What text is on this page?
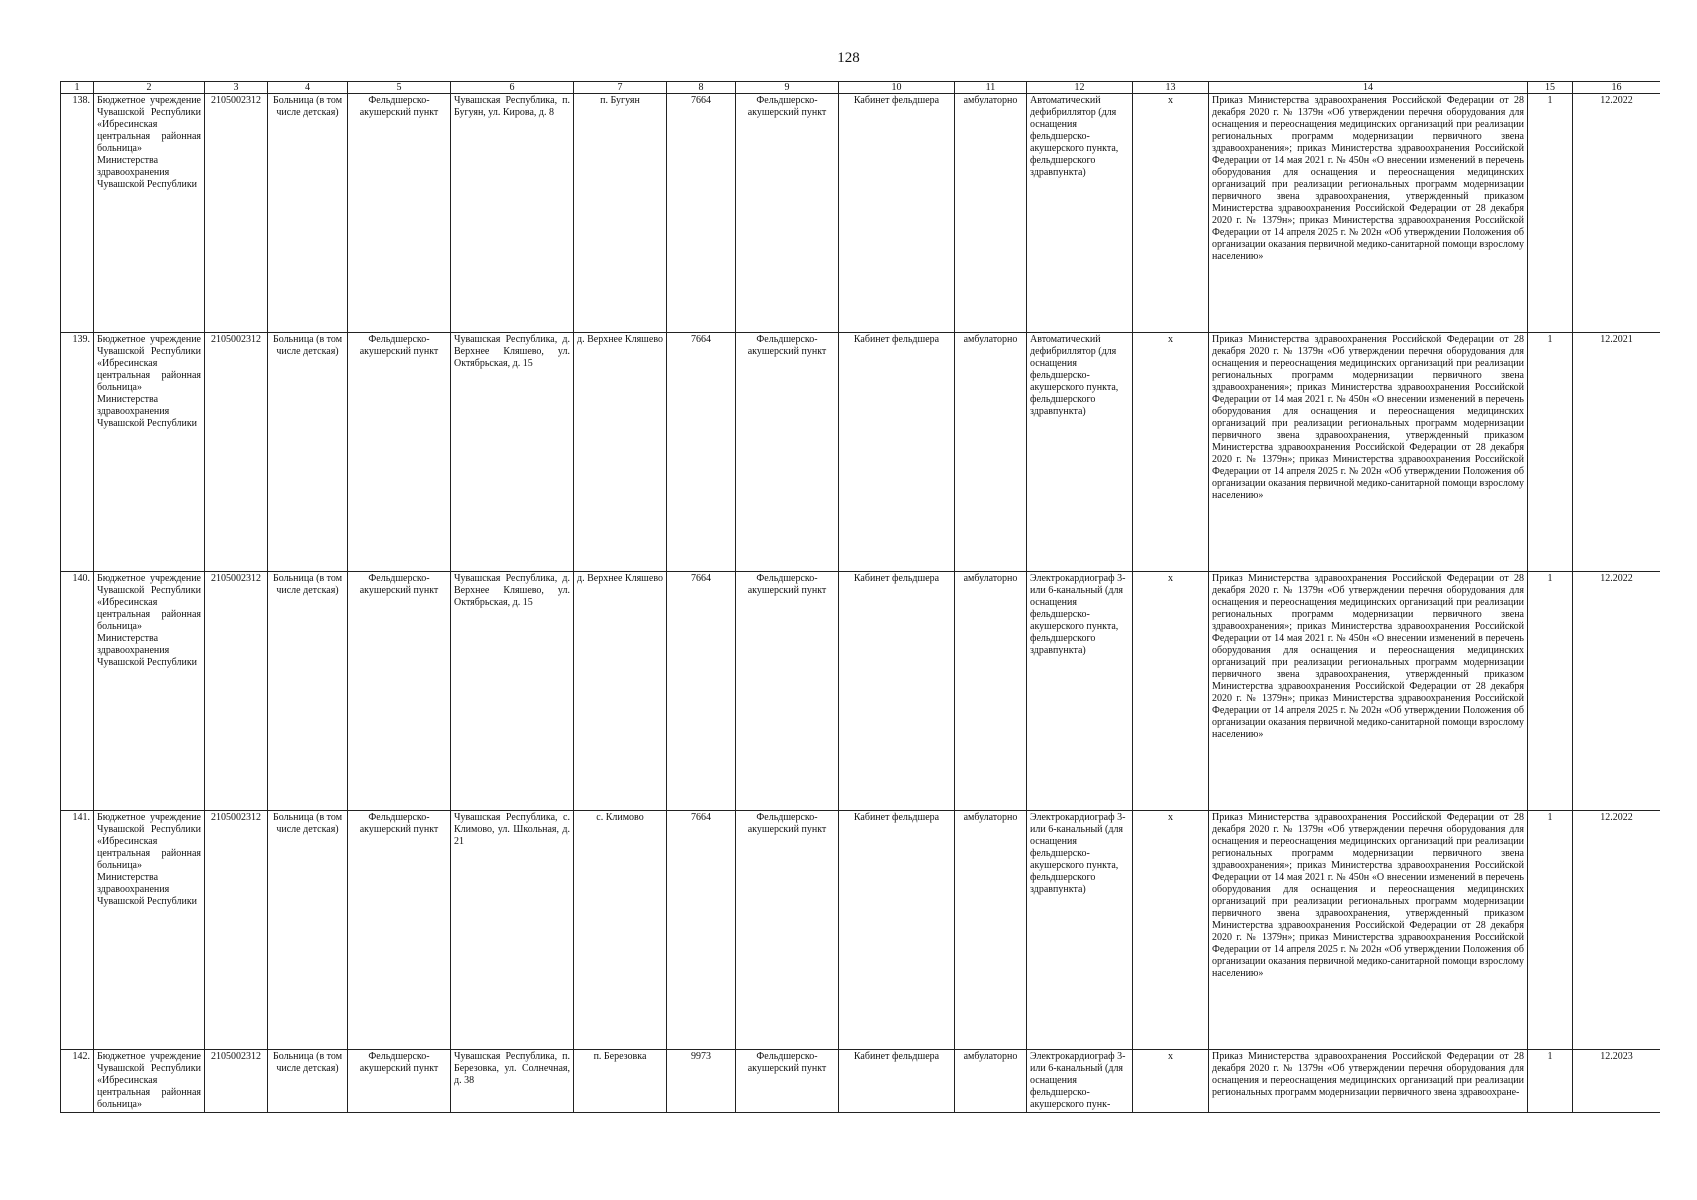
128
1	2	3	4	5	6	7	8	9	10	11	12	13	14	15	16
138.	Бюджетное учреждение Чувашской Республики «Ибресинская центральная районная больница» Министерства здравоохранения Чувашской Республики	2105002312	Больница (в том числе детская)	Фельдшерско-акушерский пункт	Чувашская Республика, п. Бугуян, ул. Кирова, д. 8	п. Бугуян	7664	Фельдшерско-акушерский пункт	Кабинет фельдшера	амбулаторно	Автоматический дефибриллятор (для оснащения фельдшерско-акушерского пункта, фельдшерского здравпункта)	x	Приказ Министерства здравоохранения Российской Федерации от 28 декабря 2020 г. № 1379н «Об утверждении перечня оборудования для оснащения и переоснащения медицинских организаций при реализации региональных программ модернизации первичного звена здравоохранения»; приказ Министерства здравоохранения Российской Федерации от 14 мая 2021 г. № 450н «О внесении изменений в перечень оборудования для оснащения и переоснащения медицинских организаций при реализации региональных программ модернизации первичного звена здравоохранения, утвержденный приказом Министерства здравоохранения Российской Федерации от 28 декабря 2020 г. № 1379н»; приказ Министерства здравоохранения Российской Федерации от 14 апреля 2025 г. № 202н «Об утверждении Положения об организации оказания первичной медико-санитарной помощи взрослому населению»	1	12.2022
139.	Бюджетное учреждение Чувашской Республики «Ибресинская центральная районная больница» Министерства здравоохранения Чувашской Республики	2105002312	Больница (в том числе детская)	Фельдшерско-акушерский пункт	Чувашская Республика, д. Верхнее Кляшево, ул. Октябрьская, д. 15	д. Верхнее Кляшево	7664	Фельдшерско-акушерский пункт	Кабинет фельдшера	амбулаторно	Автоматический дефибриллятор (для оснащения фельдшерско-акушерского пункта, фельдшерского здравпункта)	x	Приказ Министерства здравоохранения Российской Федерации от 28 декабря 2020 г. № 1379н «Об утверждении перечня оборудования для оснащения и переоснащения медицинских организаций при реализации региональных программ модернизации первичного звена здравоохранения»; приказ Министерства здравоохранения Российской Федерации от 14 мая 2021 г. № 450н «О внесении изменений в перечень оборудования для оснащения и переоснащения медицинских организаций при реализации региональных программ модернизации первичного звена здравоохранения, утвержденный приказом Министерства здравоохранения Российской Федерации от 28 декабря 2020 г. № 1379н»; приказ Министерства здравоохранения Российской Федерации от 14 апреля 2025 г. № 202н «Об утверждении Положения об организации оказания первичной медико-санитарной помощи взрослому населению»	1	12.2021
140.	Бюджетное учреждение Чувашской Республики «Ибресинская центральная районная больница» Министерства здравоохранения Чувашской Республики	2105002312	Больница (в том числе детская)	Фельдшерско-акушерский пункт	Чувашская Республика, д. Верхнее Кляшево, ул. Октябрьская, д. 15	д. Верхнее Кляшево	7664	Фельдшерско-акушерский пункт	Кабинет фельдшера	амбулаторно	Электрокардиограф 3- или 6-канальный (для оснащения фельдшерско-акушерского пункта, фельдшерского здравпункта)	x	Приказ Министерства здравоохранения Российской Федерации от 28 декабря 2020 г. № 1379н «Об утверждении перечня оборудования для оснащения и переоснащения медицинских организаций при реализации региональных программ модернизации первичного звена здравоохранения»; приказ Министерства здравоохранения Российской Федерации от 14 мая 2021 г. № 450н «О внесении изменений в перечень оборудования для оснащения и переоснащения медицинских организаций при реализации региональных программ модернизации первичного звена здравоохранения, утвержденный приказом Министерства здравоохранения Российской Федерации от 28 декабря 2020 г. № 1379н»; приказ Министерства здравоохранения Российской Федерации от 14 апреля 2025 г. № 202н «Об утверждении Положения об организации оказания первичной медико-санитарной помощи взрослому населению»	1	12.2022
141.	Бюджетное учреждение Чувашской Республики «Ибресинская центральная районная больница» Министерства здравоохранения Чувашской Республики	2105002312	Больница (в том числе детская)	Фельдшерско-акушерский пункт	Чувашская Республика, с. Климово, ул. Школьная, д. 21	с. Климово	7664	Фельдшерско-акушерский пункт	Кабинет фельдшера	амбулаторно	Электрокардиограф 3- или 6-канальный (для оснащения фельдшерско-акушерского пункта, фельдшерского здравпункта)	x	Приказ Министерства здравоохранения Российской Федерации от 28 декабря 2020 г. № 1379н «Об утверждении перечня оборудования для оснащения и переоснащения медицинских организаций при реализации региональных программ модернизации первичного звена здравоохранения»; приказ Министерства здравоохранения Российской Федерации от 14 мая 2021 г. № 450н «О внесении изменений в перечень оборудования для оснащения и переоснащения медицинских организаций при реализации региональных программ модернизации первичного звена здравоохранения, утвержденный приказом Министерства здравоохранения Российской Федерации от 28 декабря 2020 г. № 1379н»; приказ Министерства здравоохранения Российской Федерации от 14 апреля 2025 г. № 202н «Об утверждении Положения об организации оказания первичной медико-санитарной помощи взрослому населению»	1	12.2022
142.	Бюджетное учреждение Чувашской Республики «Ибресинская центральная районная больница»	2105002312	Больница (в том числе детская)	Фельдшерско-акушерский пункт	Чувашская Республика, п. Березовка, ул. Солнечная, д. 38	п. Березовка	9973	Фельдшерско-акушерский пункт	Кабинет фельдшера	амбулаторно	Электрокардиограф 3- или 6-канальный (для оснащения фельдшерско-акушерского пунк-	x	Приказ Министерства здравоохранения Российской Федерации от 28 декабря 2020 г. № 1379н «Об утверждении перечня оборудования для оснащения и переоснащения медицинских организаций при реализации региональных программ модернизации первичного звена здравоохране-	1	12.2023
